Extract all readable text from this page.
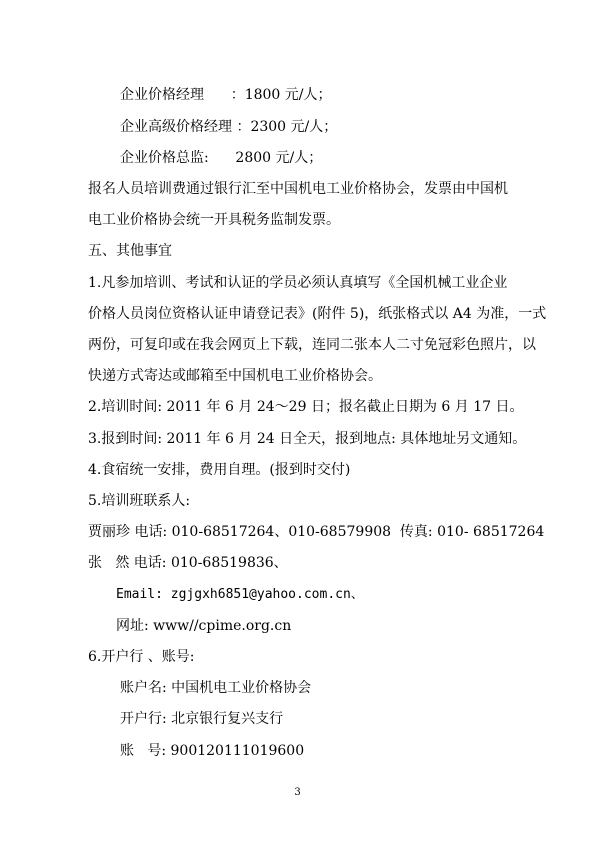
企业价格经理      ：1800 元/人；
企业高级价格经理 ：2300 元/人；
企业价格总监:      2800 元/人；
报名人员培训费通过银行汇至中国机电工业价格协会，发票由中国机
电工业价格协会统一开具税务监制发票。
五、其他事宜
1.凡参加培训、考试和认证的学员必须认真填写《全国机械工业企业
价格人员岗位资格认证申请登记表》(附件 5)，纸张格式以 A4 为准，一式
两份，可复印或在我会网页上下载，连同二张本人二寸免冠彩色照片，以
快递方式寄达或邮箱至中国机电工业价格协会。
2.培训时间: 2011 年 6 月 24～29 日；报名截止日期为 6 月 17 日。
3.报到时间: 2011 年 6 月 24 日全天，报到地点: 具体地址另文通知。
4.食宿统一安排，费用自理。(报到时交付)
5.培训班联系人:
贾丽珍 电话: 010-68517264、010-68579908  传真: 010- 68517264
张   然 电话: 010-68519836、
Email: zgjgxh6851@yahoo.com.cn、
网址: www//cpime.org.cn
6.开户行 、账号:
账户名: 中国机电工业价格协会
开户行: 北京银行复兴支行
账   号: 900120111019600
3
